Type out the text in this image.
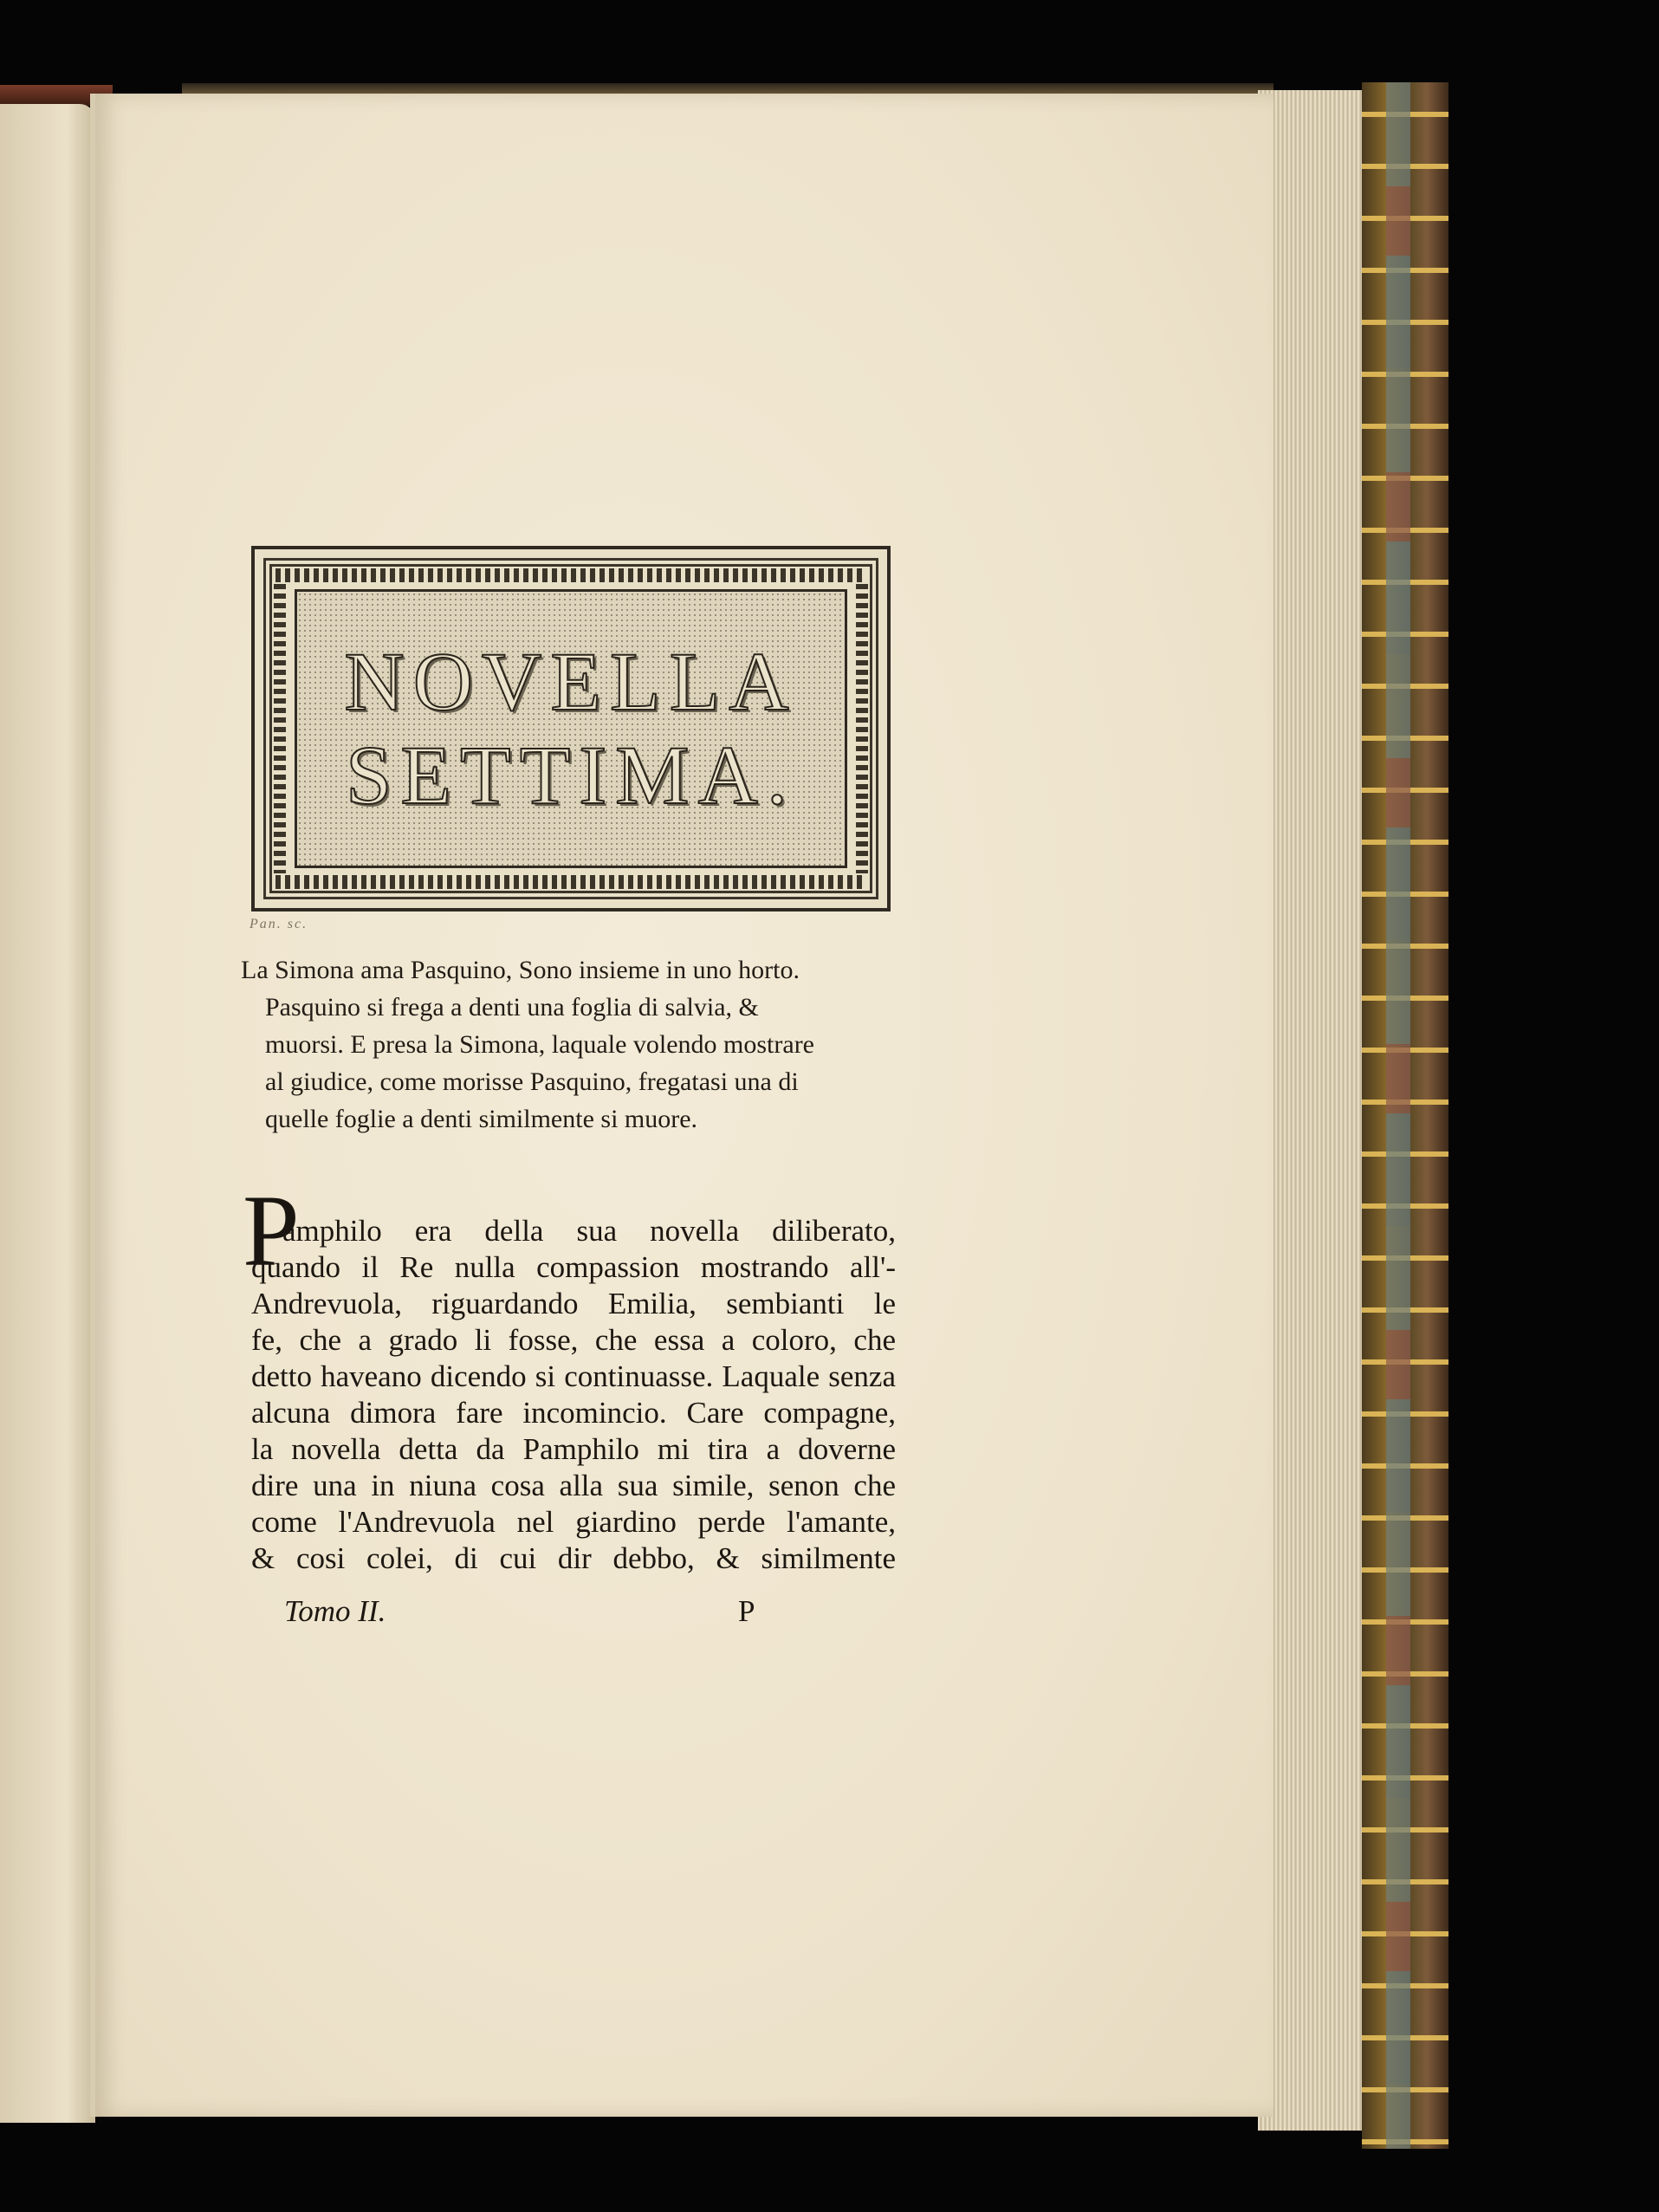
NOVELLA
SETTIMA.
Pan. sc.
La Simona ama Pasquino, Sono insieme in uno horto.
Pasquino si frega a denti una foglia di salvia, &
muorsi. E presa la Simona, laquale volendo mostrare
al giudice, come morisse Pasquino, fregatasi una di
quelle foglie a denti similmente si muore.
P
amphilo era della sua novella diliberato,
quando il Re nulla compassion mostrando all'-
Andrevuola, riguardando Emilia, sembianti le
fe, che a grado li fosse, che essa a coloro, che
detto haveano dicendo si continuasse. Laquale senza
alcuna dimora fare incomincio. Care compagne,
la novella detta da Pamphilo mi tira a doverne
dire una in niuna cosa alla sua simile, senon che
come l'Andrevuola nel giardino perde l'amante,
& cosi colei, di cui dir debbo, & similmente
Tomo II.	P
